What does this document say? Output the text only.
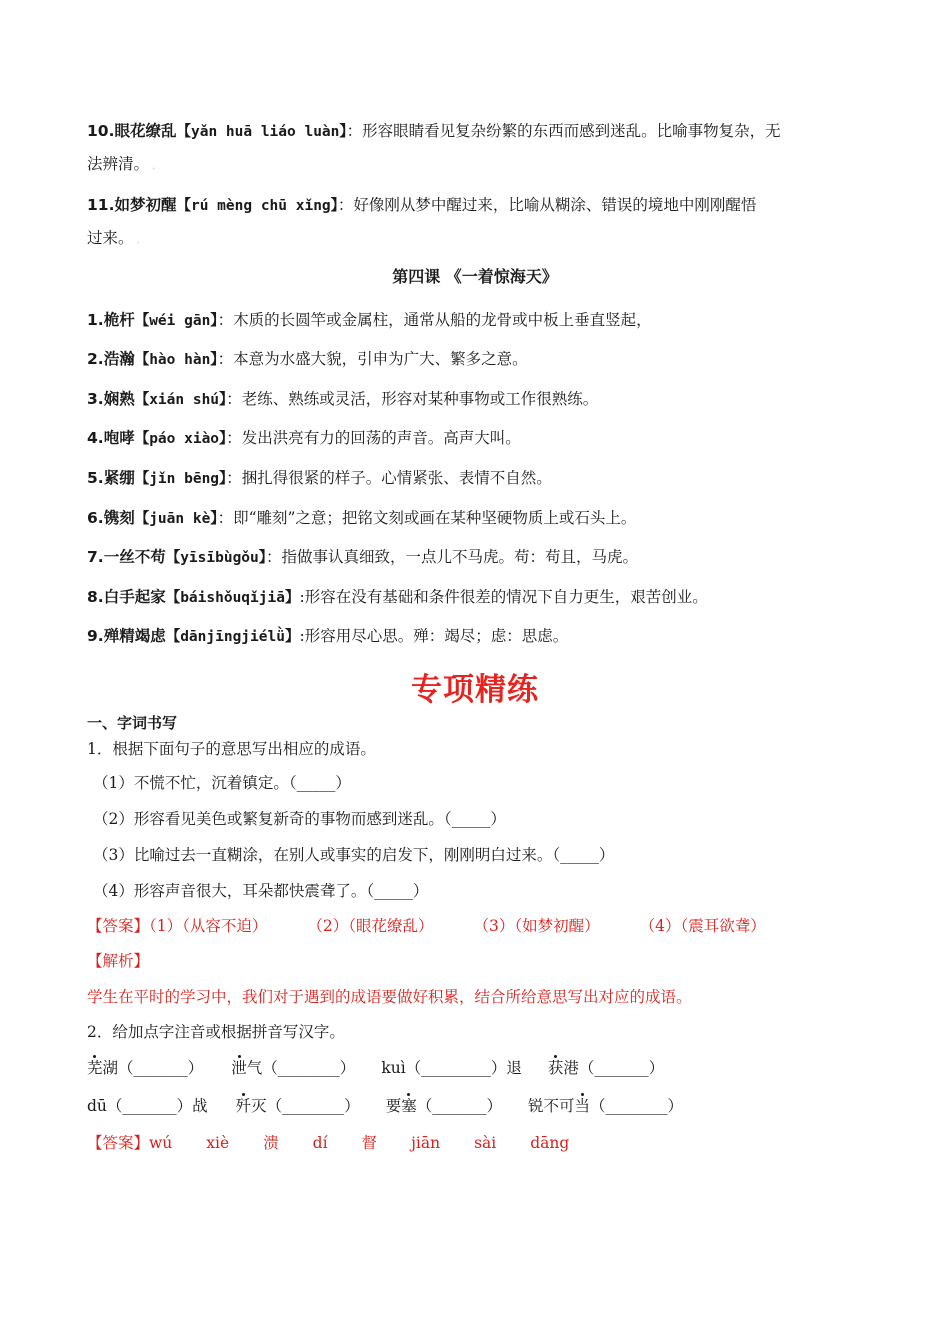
10.眼花缭乱【yǎn huā liáo luàn】：形容眼睛看见复杂纷繁的东西而感到迷乱。比喻事物复杂，无
法辨清。 .
11.如梦初醒【rú mèng chū xǐng】：好像刚从梦中醒过来，比喻从糊涂、错误的境地中刚刚醒悟
过来。 .
第四课 《一着惊海天》
1.桅杆【wéi gān】：木质的长圆竿或金属柱，通常从船的龙骨或中板上垂直竖起，
2.浩瀚【hào hàn】：本意为水盛大貌，引申为广大、繁多之意。
3.娴熟【xián shú】：老练、熟练或灵活，形容对某种事物或工作很熟练。
4.咆哮【páo xiào】：发出洪亮有力的回荡的声音。高声大叫。
5.紧绷【jǐn bēng】：捆扎得很紧的样子。心情紧张、表情不自然。
6.镌刻【juān kè】：即“雕刻”之意；把铭文刻或画在某种坚硬物质上或石头上。
7.一丝不苟【yīsībùgǒu】：指做事认真细致，一点儿不马虎。苟：苟且，马虎。
8.白手起家【báishǒuqǐjiā】:形容在没有基础和条件很差的情况下自力更生，艰苦创业。
9.殚精竭虑【dānjīngjiélǜ】:形容用尽心思。殚：竭尽；虑：思虑。
专项精练
一、字词书写
1．根据下面句子的意思写出相应的成语。
（1）不慌不忙，沉着镇定。（_____）
（2）形容看见美色或繁复新奇的事物而感到迷乱。（_____）
（3）比喻过去一直糊涂，在别人或事实的启发下，刚刚明白过来。（_____）
（4）形容声音很大，耳朵都快震聋了。（_____）
【答案】（1）（从容不迫）	（2）（眼花缭乱）	（3）（如梦初醒）	（4）（震耳欲聋）
【解析】
学生在平时的学习中，我们对于遇到的成语要做好积累，结合所给意思写出对应的成语。
2．给加点字注音或根据拼音写汉字。
芜湖（_______） 泄气（________） kuì（_________）退 获港（_______）
dū（_______）战 歼灭（________） 要塞（_______） 锐不可当（________）
【答案】wú xiè 溃 dí 督 jiān sài dāng
